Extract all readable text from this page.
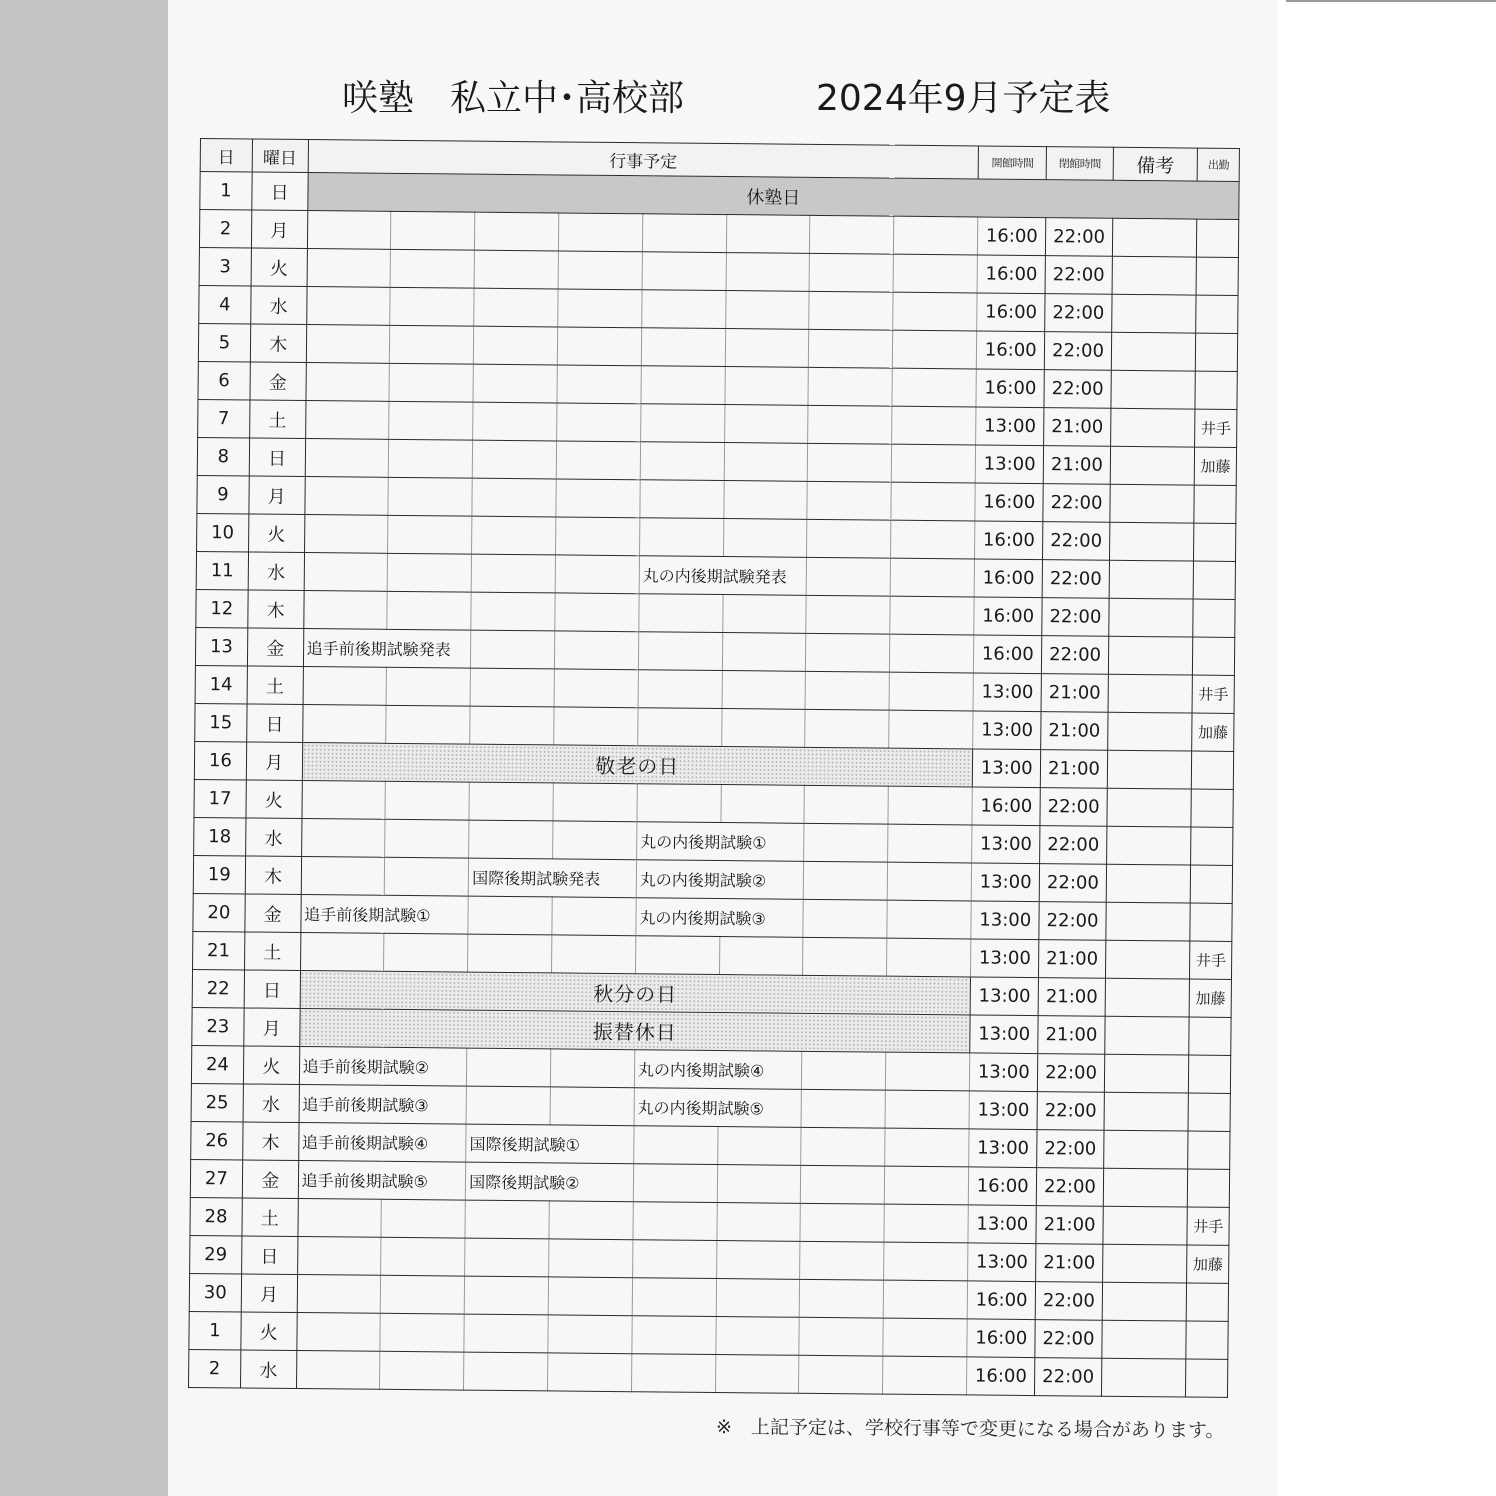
咲塾　私立中･高校部	2024年9月予定表
日	曜日	行事予定								開館時間	閉館時間	備考	出勤
1	日	休塾日											
2	月									16:00	22:00		
3	火									16:00	22:00		
4	水									16:00	22:00		
5	木									16:00	22:00		
6	金									16:00	22:00		
7	土									13:00	21:00		井手
8	日									13:00	21:00		加藤
9	月									16:00	22:00		
10	火									16:00	22:00		
11	水					丸の内後期試験発表				16:00	22:00		
12	木									16:00	22:00		
13	金	追手前後期試験発表								16:00	22:00		
14	土									13:00	21:00		井手
15	日									13:00	21:00		加藤
16	月	敬老の日								13:00	21:00		
17	火									16:00	22:00		
18	水					丸の内後期試験①				13:00	22:00		
19	木			国際後期試験発表		丸の内後期試験②				13:00	22:00		
20	金	追手前後期試験①				丸の内後期試験③				13:00	22:00		
21	土									13:00	21:00		井手
22	日	秋分の日								13:00	21:00		加藤
23	月	振替休日								13:00	21:00		
24	火	追手前後期試験②				丸の内後期試験④				13:00	22:00		
25	水	追手前後期試験③				丸の内後期試験⑤				13:00	22:00		
26	木	追手前後期試験④		国際後期試験①						13:00	22:00		
27	金	追手前後期試験⑤		国際後期試験②						16:00	22:00		
28	土									13:00	21:00		井手
29	日									13:00	21:00		加藤
30	月									16:00	22:00		
1	火									16:00	22:00		
2	水									16:00	22:00		
※　上記予定は、学校行事等で変更になる場合があります。
